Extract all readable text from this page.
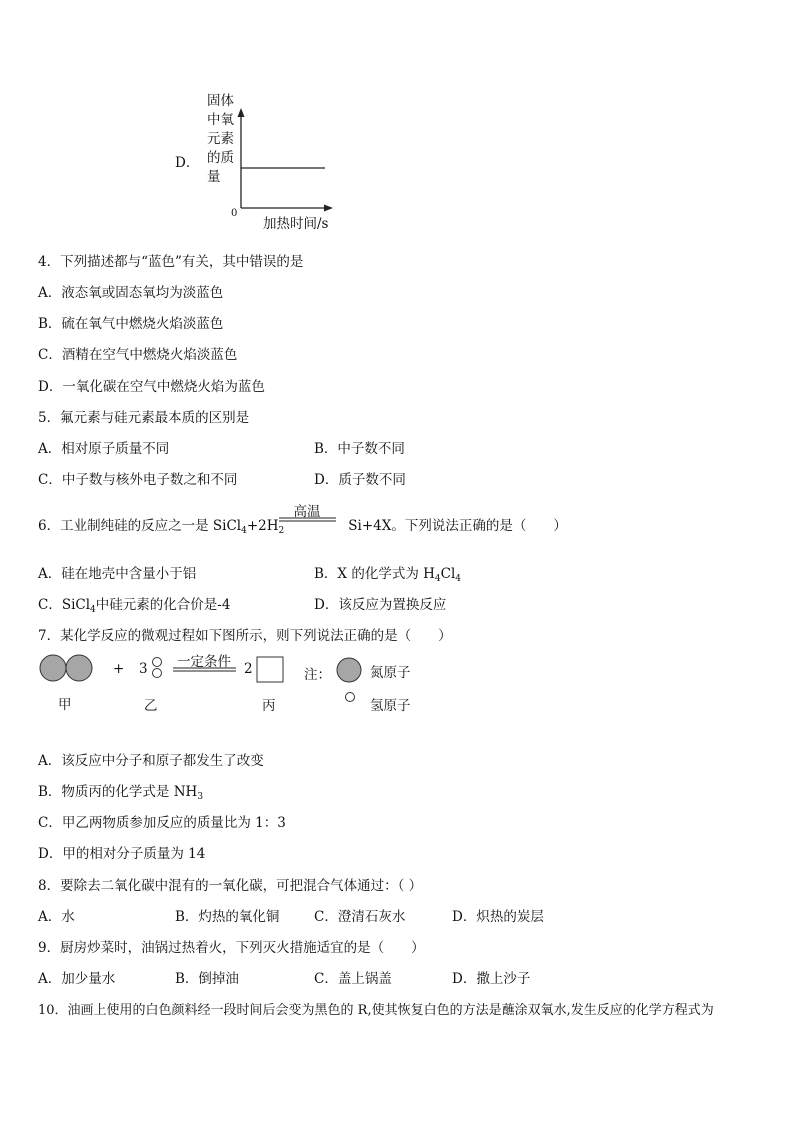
D．
固体
中氧
元素
的质
量
0
加热时间/s
4．下列描述都与“蓝色”有关，其中错误的是
A．液态氧或固态氧均为淡蓝色
B．硫在氧气中燃烧火焰淡蓝色
C．酒精在空气中燃烧火焰淡蓝色
D．一氧化碳在空气中燃烧火焰为蓝色
5．氟元素与硅元素最本质的区别是
A．相对原子质量不同	B．中子数不同
C．中子数与核外电子数之和不同	D．质子数不同
6．工业制纯硅的反应之一是 $SiCl_4+2H_2$	Si+4X。下列说法正确的是（　　）
高温
A．硅在地壳中含量小于铝	B．X 的化学式为 $H_4Cl_4$
C．SiCl$_4$中硅元素的化合价是-4	D．该反应为置换反应
7．某化学反应的微观过程如下图所示，则下列说法正确的是（　　）
+ 3	一定条件 2	注：	氮原子
甲	乙	丙	氢原子
A．该反应中分子和原子都发生了改变
B．物质丙的化学式是 $NH_3$
C．甲乙两物质参加反应的质量比为 1：3
D．甲的相对分子质量为 14
8．要除去二氧化碳中混有的一氧化碳，可把混合气体通过：（ ）
A．水	B．灼热的氧化铜	C．澄清石灰水	D．炽热的炭层
9．厨房炒菜时，油锅过热着火，下列灭火措施适宜的是（　　）
A．加少量水	B．倒掉油	C．盖上锅盖	D．撒上沙子
10．油画上使用的白色颜料经一段时间后会变为黑色的 R,使其恢复白色的方法是蘸涂双氧水,发生反应的化学方程式为
